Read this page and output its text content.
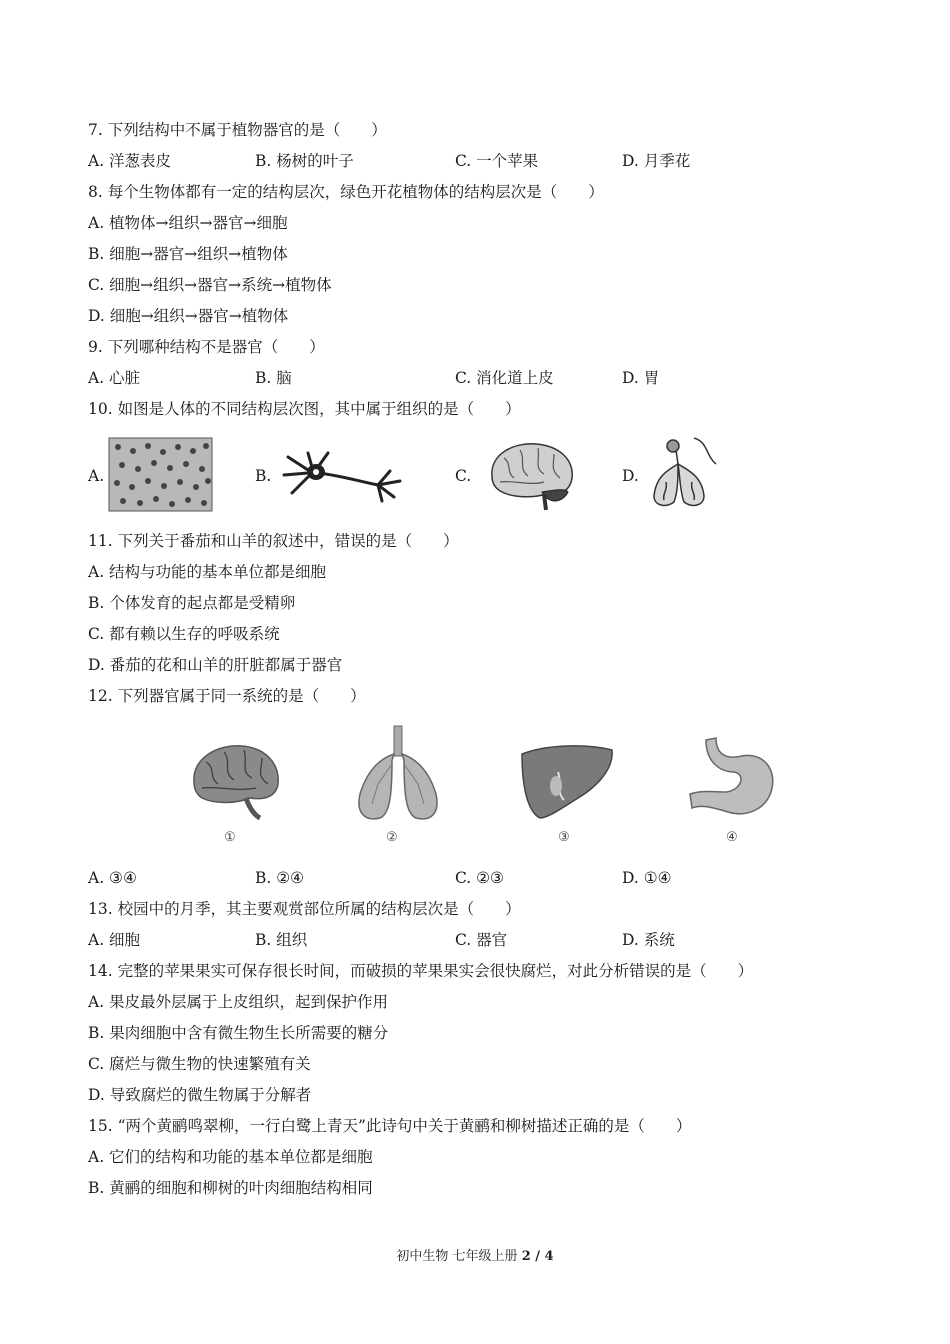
7. 下列结构中不属于植物器官的是（　　）
A. 洋葱表皮	B. 杨树的叶子	C. 一个苹果	D. 月季花
8. 每个生物体都有一定的结构层次，绿色开花植物体的结构层次是（　　）
A. 植物体→组织→器官→细胞
B. 细胞→器官→组织→植物体
C. 细胞→组织→器官→系统→植物体
D. 细胞→组织→器官→植物体
9. 下列哪种结构不是器官（　　）
A. 心脏	B. 脑	C. 消化道上皮	D. 胃
10. 如图是人体的不同结构层次图，其中属于组织的是（　　）
A.	B.	C.	D.
11. 下列关于番茄和山羊的叙述中，错误的是（　　）
A. 结构与功能的基本单位都是细胞
B. 个体发育的起点都是受精卵
C. 都有赖以生存的呼吸系统
D. 番茄的花和山羊的肝脏都属于器官
12. 下列器官属于同一系统的是（　　）
①	②	③	④
A. ③④	B. ②④	C. ②③	D. ①④
13. 校园中的月季，其主要观赏部位所属的结构层次是（　　）
A. 细胞	B. 组织	C. 器官	D. 系统
14. 完整的苹果果实可保存很长时间，而破损的苹果果实会很快腐烂，对此分析错误的是（　　）
A. 果皮最外层属于上皮组织，起到保护作用
B. 果肉细胞中含有微生物生长所需要的糖分
C. 腐烂与微生物的快速繁殖有关
D. 导致腐烂的微生物属于分解者
15. “两个黄鹂鸣翠柳，一行白鹭上青天”此诗句中关于黄鹂和柳树描述正确的是（　　）
A. 它们的结构和功能的基本单位都是细胞
B. 黄鹂的细胞和柳树的叶肉细胞结构相同
初中生物 七年级上册 2 / 4
